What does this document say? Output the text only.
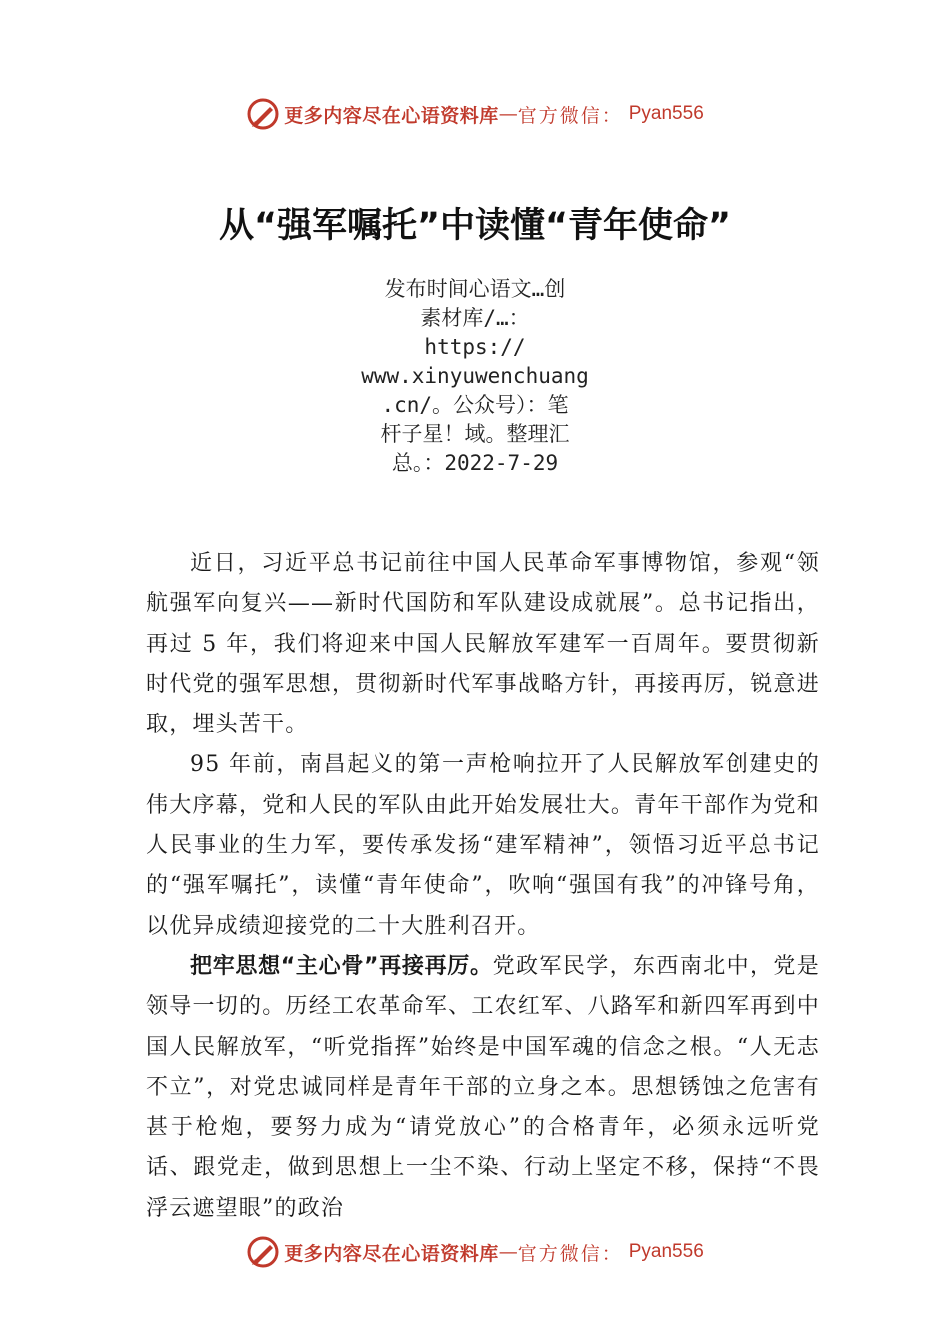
更多内容尽在心语资料库 — 官方微信： Pyan556
从“强军嘱托”中读懂“青年使命”
发布时间心语文…创
素材库/…：
https://
www.xinyuwenchuang
.cn/。公众号）：笔
杆子星！域。整理汇
总。：2022-7-29

近日，习近平总书记前往中国人民革命军事博物馆，参观“领航强军向复兴——新时代国防和军队建设成就展”。总书记指出，再过 5 年，我们将迎来中国人民解放军建军一百周年。要贯彻新时代党的强军思想，贯彻新时代军事战略方针，再接再厉，锐意进取，埋头苦干。

95 年前，南昌起义的第一声枪响拉开了人民解放军创建史的伟大序幕，党和人民的军队由此开始发展壮大。青年干部作为党和人民事业的生力军，要传承发扬“建军精神”，领悟习近平总书记的“强军嘱托”，读懂“青年使命”，吹响“强国有我”的冲锋号角，以优异成绩迎接党的二十大胜利召开。

把牢思想“主心骨”再接再厉。党政军民学，东西南北中，党是领导一切的。历经工农革命军、工农红军、八路军和新四军再到中国人民解放军，“听党指挥”始终是中国军魂的信念之根。“人无志不立”，对党忠诚同样是青年干部的立身之本。思想锈蚀之危害有甚于枪炮，要努力成为“请党放心”的合格青年，必须永远听党话、跟党走，做到思想上一尘不染、行动上坚定不移，保持“不畏浮云遮望眼”的政治

更多内容尽在心语资料库 — 官方微信： Pyan556
